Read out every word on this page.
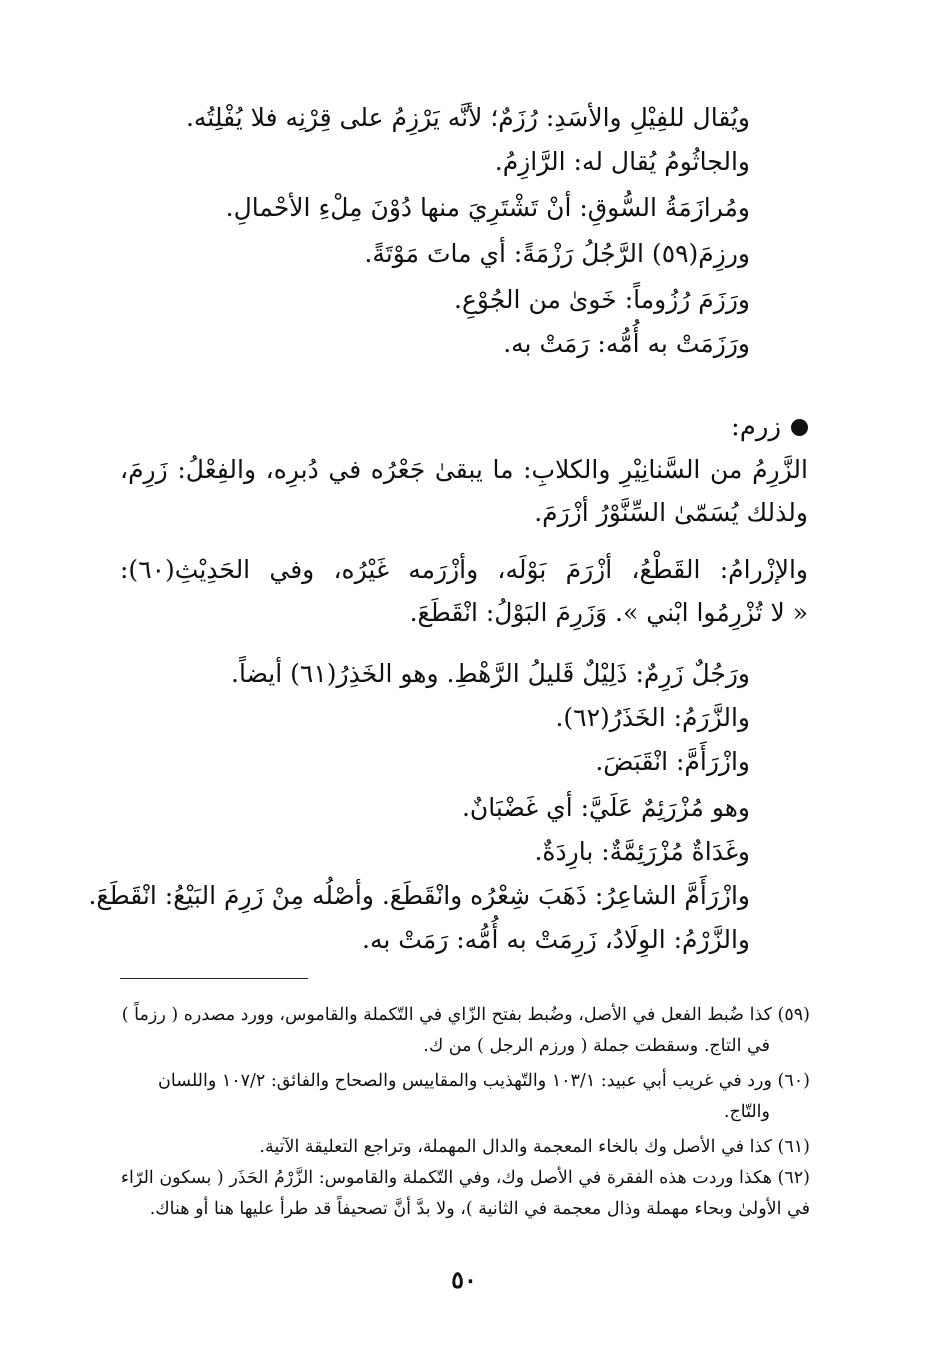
ويُقال للفِيْلِ والأسَدِ: رُزَمٌ؛ لأنَّه يَرْزِمُ على قِرْنِه فلا يُفْلِتُه.
والجاثُومُ يُقال له: الرَّازِمُ.
ومُرازَمَةُ السُّوقِ: أنْ تَشْتَرِيَ منها دُوْنَ مِلْءِ الأحْمالِ.
ورزِمَ(٥٩) الرَّجُلُ رَزْمَةً: أي ماتَ مَوْتَةً.
ورَزَمَ رُزُوماً: خَوىٰ من الجُوْعِ.
ورَزَمَتْ به أُمُّه: رَمَتْ به.
زرم:
الزَّرِمُ من السَّنانِيْرِ والكلابِ: ما يبقىٰ جَعْرُه في دُبرِه، والفِعْلُ: زَرِمَ،
ولذلك يُسَمّىٰ السِّنَّوْرُ أزْرَمَ.
والإزْرامُ: القَطْعُ، أزْرَمَ بَوْلَه، وأزْرَمه غَيْرُه، وفي الحَدِيْثِ(٦٠):
« لا تُزْرِمُوا ابْني ». وَزَرِمَ البَوْلُ: انْقَطَعَ.
ورَجُلٌ زَرِمٌ: ذَلِيْلٌ قَليلُ الرَّهْطِ. وهو الخَذِرُ(٦١) أيضاً.
والزَّرَمُ: الخَذَرُ(٦٢).
وازْرَأَمَّ: انْقَبَضَ.
وهو مُزْرَئِمٌ عَلَيَّ: أي غَضْبَانٌ.
وغَدَاةٌ مُزْرَئِمَّةٌ: بارِدَةٌ.
وازْرَأَمَّ الشاعِرُ: ذَهَبَ شِعْرُه وانْقَطَعَ. وأصْلُه مِنْ زَرِمَ البَيْعُ: انْقَطَعَ.
والزَّرْمُ: الوِلَادُ، زَرِمَتْ به أُمُّه: رَمَتْ به.
(٥٩) كذا ضُبط الفعل في الأصل، وضُبط بفتح الزّاي في التّكملة والقاموس، وورد مصدره ( رزماً )
في التاج. وسقطت جملة ( ورزم الرجل ) من ك.
(٦٠) ورد في غريب أبي عبيد: ١٠٣/١ والتّهذيب والمقاييس والصحاح والفائق: ١٠٧/٢ واللسان
والتّاج.
(٦١) كذا في الأصل وك بالخاء المعجمة والدال المهملة، وتراجع التعليقة الآتية.
(٦٢) هكذا وردت هذه الفقرة في الأصل وك، وفي التّكملة والقاموس: الزَّرْمُ الحَذَر ( بسكون الرّاء
في الأولىٰ وبحاء مهملة وذال معجمة في الثانية )، ولا بدَّ أنَّ تصحيفاً قد طرأ عليها هنا أو هناك.
٥٠
